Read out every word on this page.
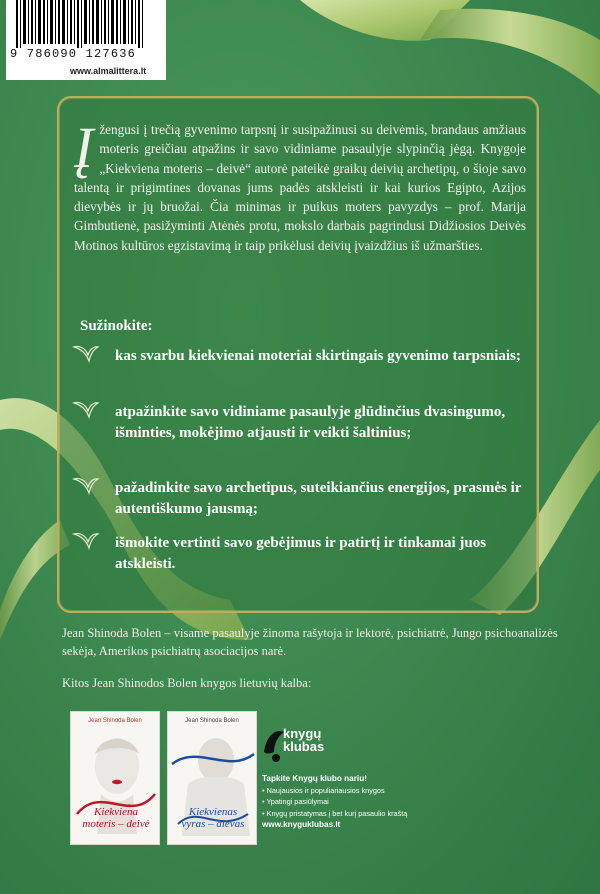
9 786090 127636
www.almalittera.lt
Įžengusi į trečią gyvenimo tarpsnį ir susipažinusi su deivėmis, brandaus amžiaus moteris greičiau atpažins ir savo vidiniame pasaulyje slypinčią jėgą. Knygoje „Kiekviena moteris – deivė“ autorė pateikė graikų deivių archetipų, o šioje savo talentą ir prigimtines dovanas jums padės atskleisti ir kai kurios Egipto, Azijos dievybės ir jų bruožai. Čia minimas ir puikus moters pavyzdys – prof. Marija Gimbutienė, pasižyminti Atėnės protu, mokslo darbais pagrindusi Didžiosios Deivės Motinos kultūros egzistavimą ir taip prikėlusi deivių įvaizdžius iš užmaršties.
Sužinokite:
kas svarbu kiekvienai moteriai skirtingais gyvenimo tarpsniais;
atpažinkite savo vidiniame pasaulyje glūdinčius dvasingumo, išminties, mokėjimo atjausti ir veikti šaltinius;
pažadinkite savo archetipus, suteikiančius energijos, prasmės ir autentiškumo jausmą;
išmokite vertinti savo gebėjimus ir patirtį ir tinkamai juos atskleisti.
Jean Shinoda Bolen – visame pasaulyje žinoma rašytoja ir lektorė, psichiatrė, Jungo psichoanalizės sekėja, Amerikos psichiatrų asociacijos narė.
Kitos Jean Shinodos Bolen knygos lietuvių kalba:
Jean Shinoda Bolen
Kiekviena moteris – deivė
Jean Shinoda Bolen
Kiekvienas vyras – dievas
knygų
klubas
Tapkite Knygų klubo nariu!
• Naujausios ir populiariausios knygos
• Ypatingi pasiūlymai
• Knygų pristatymas į bet kurį pasaulio kraštą
www.knyguklubas.lt
